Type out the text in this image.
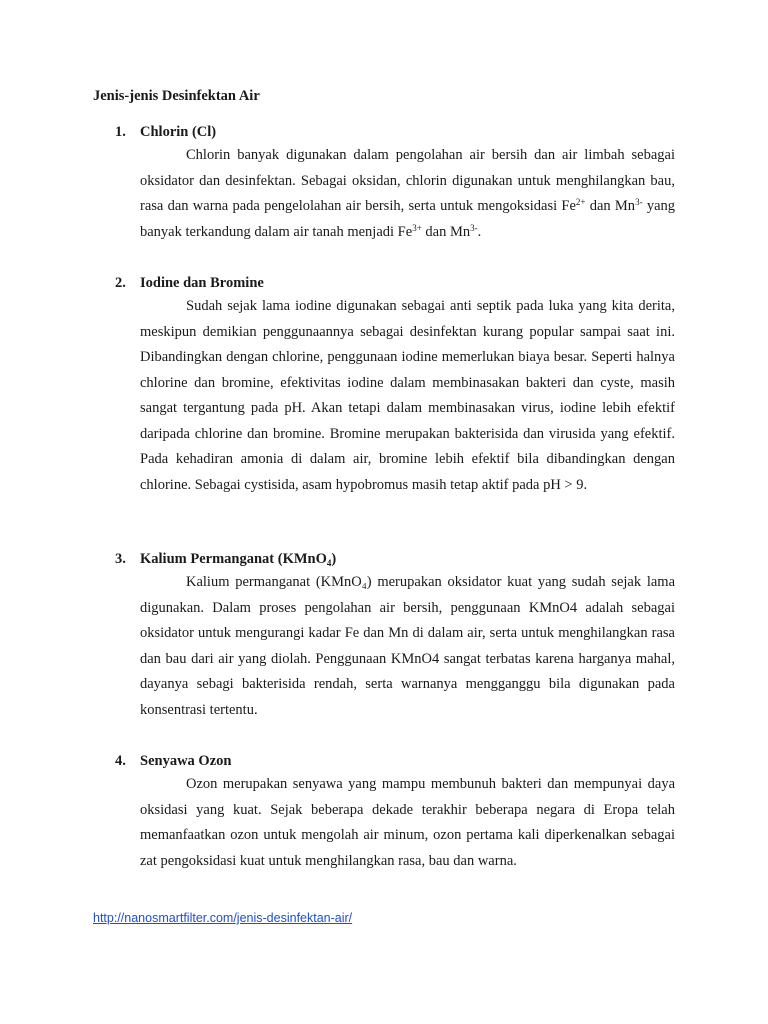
Jenis-jenis Desinfektan Air
1. Chlorin (Cl)

Chlorin banyak digunakan dalam pengolahan air bersih dan air limbah sebagai oksidator dan desinfektan. Sebagai oksidan, chlorin digunakan untuk menghilangkan bau, rasa dan warna pada pengelolahan air bersih, serta untuk mengoksidasi $Fe^{2+}$ dan $Mn^{3-}$ yang banyak terkandung dalam air tanah menjadi $Fe^{3+}$ dan $Mn^{3-}$.

2. Iodine dan Bromine

Sudah sejak lama iodine digunakan sebagai anti septik pada luka yang kita derita, meskipun demikian penggunaannya sebagai desinfektan kurang popular sampai saat ini. Dibandingkan dengan chlorine, penggunaan iodine memerlukan biaya besar. Seperti halnya chlorine dan bromine, efektivitas iodine dalam membinasakan bakteri dan cyste, masih sangat tergantung pada pH. Akan tetapi dalam membinasakan virus, iodine lebih efektif daripada chlorine dan bromine. Bromine merupakan bakterisida dan virusida yang efektif. Pada kehadiran amonia di dalam air, bromine lebih efektif bila dibandingkan dengan chlorine. Sebagai cystisida, asam hypobromus masih tetap aktif pada pH > 9.

3. Kalium Permanganat (KMnO$_4$)

Kalium permanganat (KMnO₄) merupakan oksidator kuat yang sudah sejak lama digunakan. Dalam proses pengolahan air bersih, penggunaan KMnO4 adalah sebagai oksidator untuk mengurangi kadar Fe dan Mn di dalam air, serta untuk menghilangkan rasa dan bau dari air yang diolah. Penggunaan KMnO4 sangat terbatas karena harganya mahal, dayanya sebagi bakterisida rendah, serta warnanya mengganggu bila digunakan pada konsentrasi tertentu.

4. Senyawa Ozon

Ozon merupakan senyawa yang mampu membunuh bakteri dan mempunyai daya oksidasi yang kuat. Sejak beberapa dekade terakhir beberapa negara di Eropa telah memanfaatkan ozon untuk mengolah air minum, ozon pertama kali diperkenalkan sebagai zat pengoksidasi kuat untuk menghilangkan rasa, bau dan warna.

http://nanosmartfilter.com/jenis-desinfektan-air/
